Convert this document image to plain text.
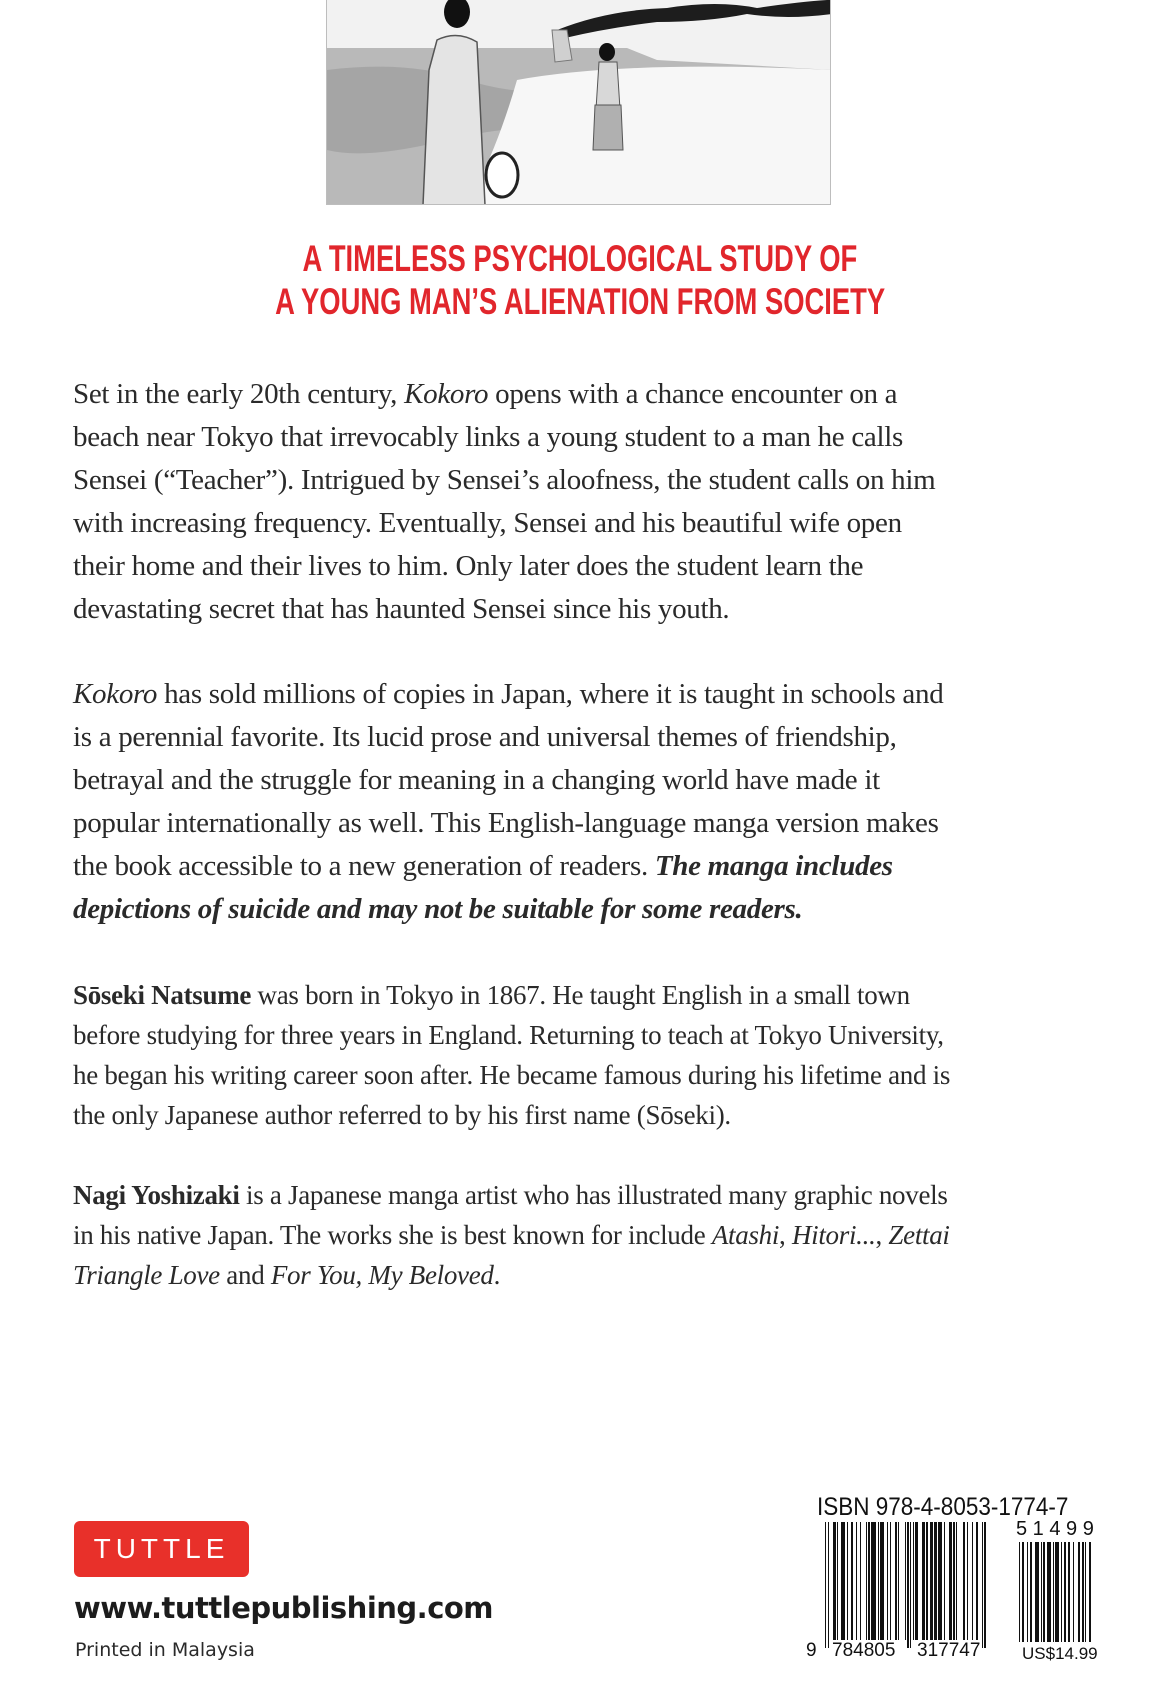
A TIMELESS PSYCHOLOGICAL STUDY OF
A YOUNG MAN’S ALIENATION FROM SOCIETY
Set in the early 20th century, Kokoro opens with a chance encounter on a
beach near Tokyo that irrevocably links a young student to a man he calls
Sensei (“Teacher”). Intrigued by Sensei’s aloofness, the student calls on him
with increasing frequency. Eventually, Sensei and his beautiful wife open
their home and their lives to him. Only later does the student learn the
devastating secret that has haunted Sensei since his youth.
Kokoro has sold millions of copies in Japan, where it is taught in schools and
is a perennial favorite. Its lucid prose and universal themes of friendship,
betrayal and the struggle for meaning in a changing world have made it
popular internationally as well. This English-language manga version makes
the book accessible to a new generation of readers. The manga includes
depictions of suicide and may not be suitable for some readers.
Sōseki Natsume was born in Tokyo in 1867. He taught English in a small town
before studying for three years in England. Returning to teach at Tokyo University,
he began his writing career soon after. He became famous during his lifetime and is
the only Japanese author referred to by his first name (Sōseki).
Nagi Yoshizaki is a Japanese manga artist who has illustrated many graphic novels
in his native Japan. The works she is best known for include Atashi, Hitori..., Zettai
Triangle Love and For You, My Beloved.
TUTTLE
www.tuttlepublishing.com
Printed in Malaysia
ISBN 978-4-8053-1774-7
5 1 4 9 9
9 784805 317747 US$14.99
